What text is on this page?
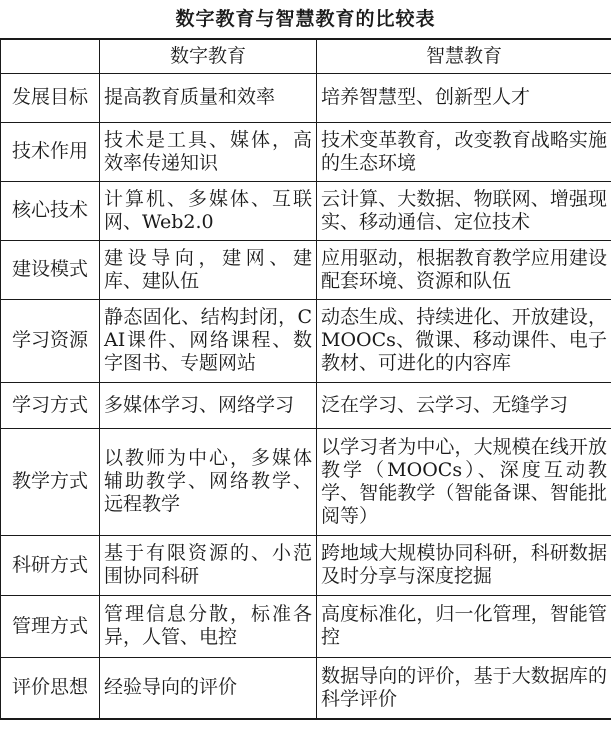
数字教育与智慧教育的比较表
	数字教育	智慧教育
发展目标	提高教育质量和效率	培养智慧型、创新型人才
技术作用	技术是工具、媒体，高效率传递知识	技术变革教育，改变教育战略实施的生态环境
核心技术	计算机、多媒体、互联网、Web2.0	云计算、大数据、物联网、增强现实、移动通信、定位技术
建设模式	建设导向，建网、建库、建队伍	应用驱动，根据教育教学应用建设配套环境、资源和队伍
学习资源	静态固化、结构封闭，CAI课件、网络课程、数字图书、专题网站	动态生成、持续进化、开放建设，MOOCs、微课、移动课件、电子教材、可进化的内容库
学习方式	多媒体学习、网络学习	泛在学习、云学习、无缝学习
教学方式	以教师为中心，多媒体辅助教学、网络教学、远程教学	以学习者为中心，大规模在线开放教学（MOOCs）、深度互动教学、智能教学（智能备课、智能批阅等）
科研方式	基于有限资源的、小范围协同科研	跨地域大规模协同科研，科研数据及时分享与深度挖掘
管理方式	管理信息分散，标准各异，人管、电控	高度标准化，归一化管理，智能管控
评价思想	经验导向的评价	数据导向的评价，基于大数据库的科学评价
